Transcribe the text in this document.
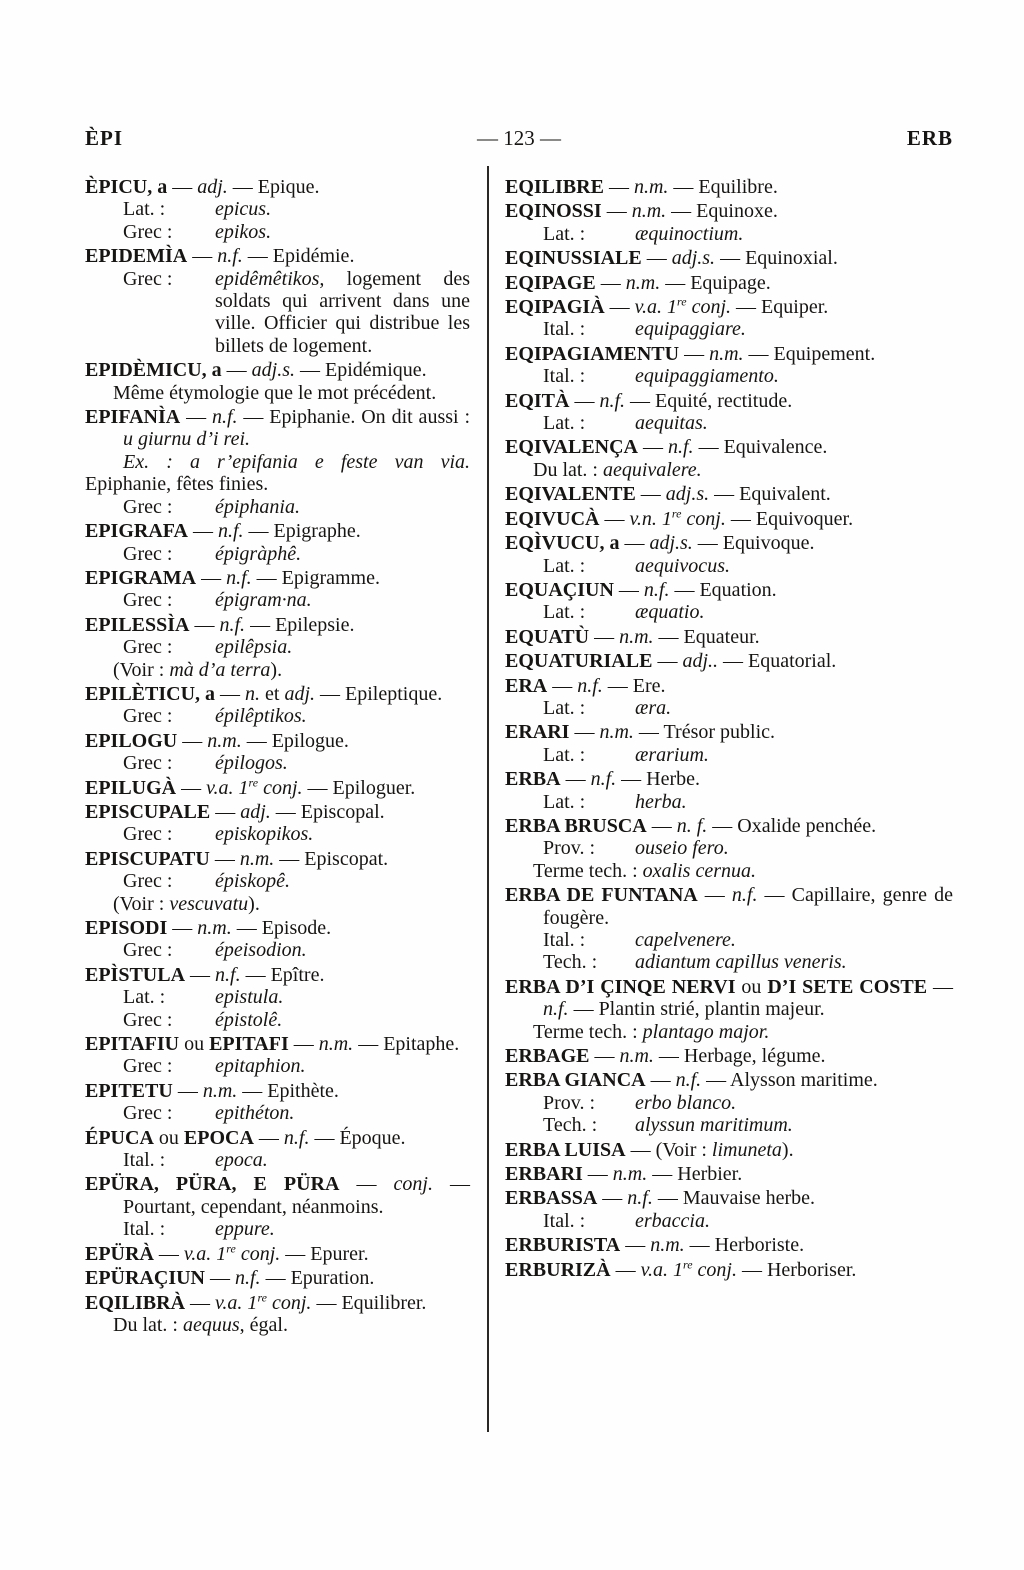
ÈPI	— 123 —	ERB

ÈPICU, a — adj. — Epique.

Lat. :	epicus.

Grec :	epikos.

EPIDEMÌA — n.f. — Epidémie.

Grec :	epidêmêtikos, logement des soldats qui arrivent dans une ville. Officier qui distribue les billets de logement.

EPIDÈMICU, a — adj.s. — Epidémique.

Même étymologie que le mot précédent.

EPIFANÌA — n.f. — Epiphanie. On dit aussi : u giurnu d’i rei.

Ex. : a r’epifania e feste van via. Epiphanie, fêtes finies.

Grec :	épiphania.

EPIGRAFA — n.f. — Epigraphe.

Grec :	épigràphê.

EPIGRAMA — n.f. — Epigramme.

Grec :	épigram·na.

EPILESSÌA — n.f. — Epilepsie.

Grec :	epilêpsia.

(Voir : mà d’a terra).

EPILÈTICU, a — n. et adj. — Epileptique.

Grec :	épilêptikos.

EPILOGU — n.m. — Epilogue.

Grec :	épilogos.

EPILUGÀ — v.a. 1re conj. — Epiloguer.

EPISCUPALE — adj. — Episcopal.

Grec :	episkopikos.

EPISCUPATU — n.m. — Episcopat.

Grec :	épiskopê.

(Voir : vescuvatu).

EPISODI — n.m. — Episode.

Grec :	épeisodion.

EPÌSTULA — n.f. — Epître.

Lat. :	epistula.

Grec :	épistolê.

EPITAFIU ou EPITAFI — n.m. — Epitaphe.

Grec :	epitaphion.

EPITETU — n.m. — Epithète.

Grec :	epithéton.

ÉPUCA ou EPOCA — n.f. — Époque.

Ital. :	epoca.

EPÜRA, PÜRA, E PÜRA — conj. — Pourtant, cependant, néanmoins.

Ital. :	eppure.

EPÜRÀ — v.a. 1re conj. — Epurer.

EPÜRAÇIUN — n.f. — Epuration.

EQILIBRÀ — v.a. 1re conj. — Equilibrer.

Du lat. : aequus, égal.

EQILIBRE — n.m. — Equilibre.

EQINOSSI — n.m. — Equinoxe.

Lat. :	æquinoctium.

EQINUSSIALE — adj.s. — Equinoxial.

EQIPAGE — n.m. — Equipage.

EQIPAGIÀ — v.a. 1re conj. — Equiper.

Ital. :	equipaggiare.

EQIPAGIAMENTU — n.m. — Equipement.

Ital. :	equipaggiamento.

EQITÀ — n.f. — Equité, rectitude.

Lat. :	aequitas.

EQIVALENÇA — n.f. — Equivalence.

Du lat. : aequivalere.

EQIVALENTE — adj.s. — Equivalent.

EQIVUCÀ — v.n. 1re conj. — Equivoquer.

EQÌVUCU, a — adj.s. — Equivoque.

Lat. :	aequivocus.

EQUAÇIUN — n.f. — Equation.

Lat. :	æquatio.

EQUATÙ — n.m. — Equateur.

EQUATURIALE — adj.. — Equatorial.

ERA — n.f. — Ere.

Lat. :	æra.

ERARI — n.m. — Trésor public.

Lat. :	ærarium.

ERBA — n.f. — Herbe.

Lat. :	herba.

ERBA BRUSCA — n. f. — Oxalide penchée.

Prov. :	ouseio fero.

Terme tech. : oxalis cernua.

ERBA DE FUNTANA — n.f. — Capillaire, genre de fougère.

Ital. :	capelvenere.

Tech. :	adiantum capillus veneris.

ERBA D’I ÇINQE NERVI ou D’I SETE COSTE — n.f. — Plantin strié, plantin majeur.

Terme tech. : plantago major.

ERBAGE — n.m. — Herbage, légume.

ERBA GIANCA — n.f. — Alysson maritime.

Prov. :	erbo blanco.

Tech. :	alyssun maritimum.

ERBA LUISA — (Voir : limuneta).

ERBARI — n.m. — Herbier.

ERBASSA — n.f. — Mauvaise herbe.

Ital. :	erbaccia.

ERBURISTA — n.m. — Herboriste.

ERBURIZÀ — v.a. 1re conj. — Herboriser.
